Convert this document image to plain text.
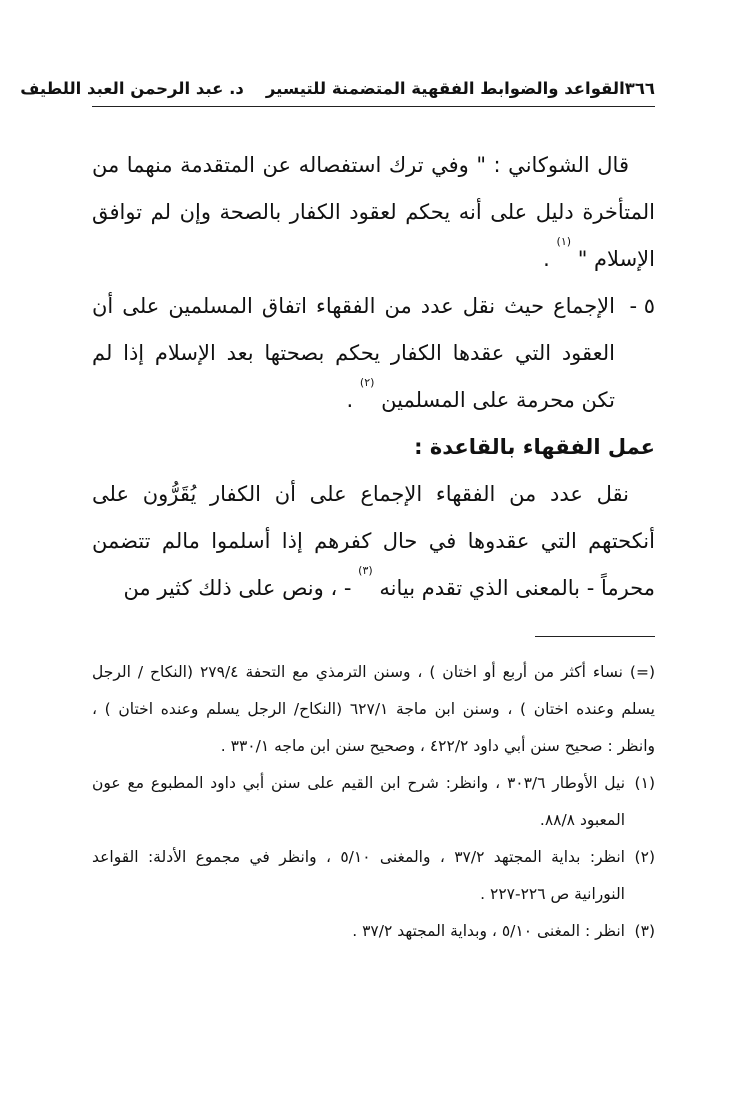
٣٦٦
القواعد والضوابط الفقهية المتضمنة للتيسير
د. عبد الرحمن العبد اللطيف

قال الشوكاني : " وفي ترك استفصاله عن المتقدمة منهما من المتأخرة دليل على أنه يحكم لعقود الكفار بالصحة وإن لم توافق الإسلام " $^{(١)}$ .

٥ -

الإجماع حيث نقل عدد من الفقهاء اتفاق المسلمين على أن العقود التي عقدها الكفار يحكم بصحتها بعد الإسلام إذا لم تكن محرمة على المسلمين $^{(٢)}$ .

عمل الفقهاء بالقاعدة :

نقل عدد من الفقهاء الإجماع على أن الكفار يُقَرُّون على أنكحتهم التي عقدوها في حال كفرهم إذا أسلموا مالم تتضمن محرماً - بالمعنى الذي تقدم بيانه $^{(٣)}$ - ، ونص على ذلك كثير من

(=) نساء أكثر من أربع أو اختان ) ، وسنن الترمذي مع التحفة ٢٧٩/٤ (النكاح / الرجل يسلم وعنده اختان ) ، وسنن ابن ماجة ٦٢٧/١ (النكاح/ الرجل يسلم وعنده اختان ) ، وانظر : صحيح سنن أبي داود ٤٢٢/٢ ، وصحيح سنن ابن ماجه ٣٣٠/١ .

(١)

نيل الأوطار ٣٠٣/٦ ، وانظر: شرح ابن القيم على سنن أبي داود المطبوع مع عون المعبود ٨٨/٨.

(٢)

انظر: بداية المجتهد ٣٧/٢ ، والمغنى ٥/١٠ ، وانظر في مجموع الأدلة: القواعد النورانية ص ٢٢٦-٢٢٧ .

(٣)

انظر : المغنى ٥/١٠ ، وبداية المجتهد ٣٧/٢ .
